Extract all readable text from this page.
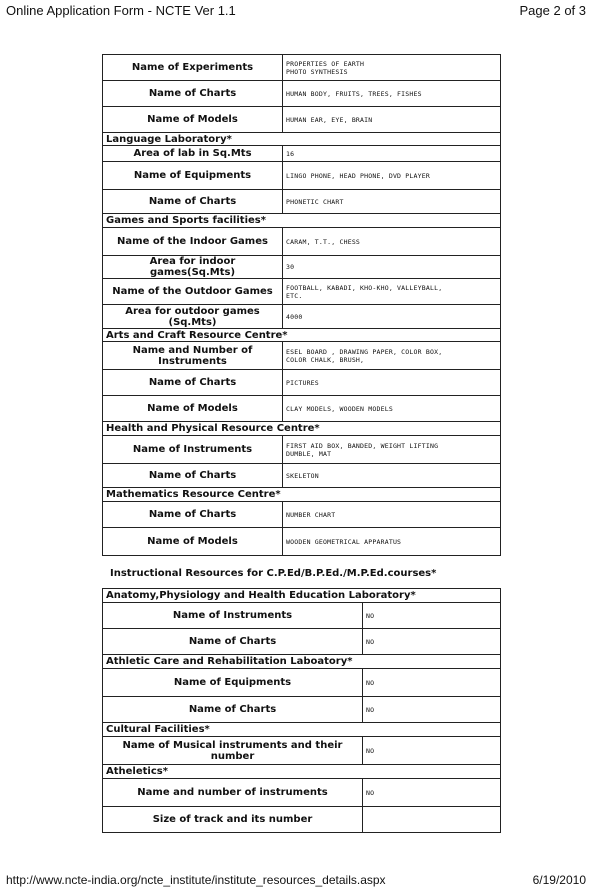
Online Application Form - NCTE Ver 1.1	Page 2 of 3
Name of Experiments	PROPERTIES OF EARTH
PHOTO SYNTHESIS
Name of Charts	HUMAN BODY, FRUITS, TREES, FISHES
Name of Models	HUMAN EAR, EYE, BRAIN
Language Laboratory*	
Area of lab in Sq.Mts	16
Name of Equipments	LINGO PHONE, HEAD PHONE, DVD PLAYER
Name of Charts	PHONETIC CHART
Games and Sports facilities*	
Name of the Indoor Games	CARAM, T.T., CHESS
Area for indoor games(Sq.Mts)	30
Name of the Outdoor Games	FOOTBALL, KABADI, KHO-KHO, VALLEYBALL,
ETC.
Area for outdoor games
(Sq.Mts)	4000
Arts and Craft Resource Centre*	
Name and Number of
Instruments	ESEL BOARD , DRAWING PAPER, COLOR BOX,
COLOR CHALK, BRUSH,
Name of Charts	PICTURES
Name of Models	CLAY MODELS, WOODEN MODELS
Health and Physical Resource Centre*	
Name of Instruments	FIRST AID BOX, BANDED, WEIGHT LIFTING
DUMBLE, MAT
Name of Charts	SKELETON
Mathematics Resource Centre*	
Name of Charts	NUMBER CHART
Name of Models	WOODEN GEOMETRICAL APPARATUS
Instructional Resources for C.P.Ed/B.P.Ed./M.P.Ed.courses*
Anatomy,Physiology and Health Education Laboratory*	
Name of Instruments	NO
Name of Charts	NO
Athletic Care and Rehabilitation Laboatory*	
Name of Equipments	NO
Name of Charts	NO
Cultural Facilities*	
Name of Musical instruments and their number	NO
Atheletics*	
Name and number of instruments	NO
Size of track and its number	
http://www.ncte-india.org/ncte_institute/institute_resources_details.aspx	6/19/2010
